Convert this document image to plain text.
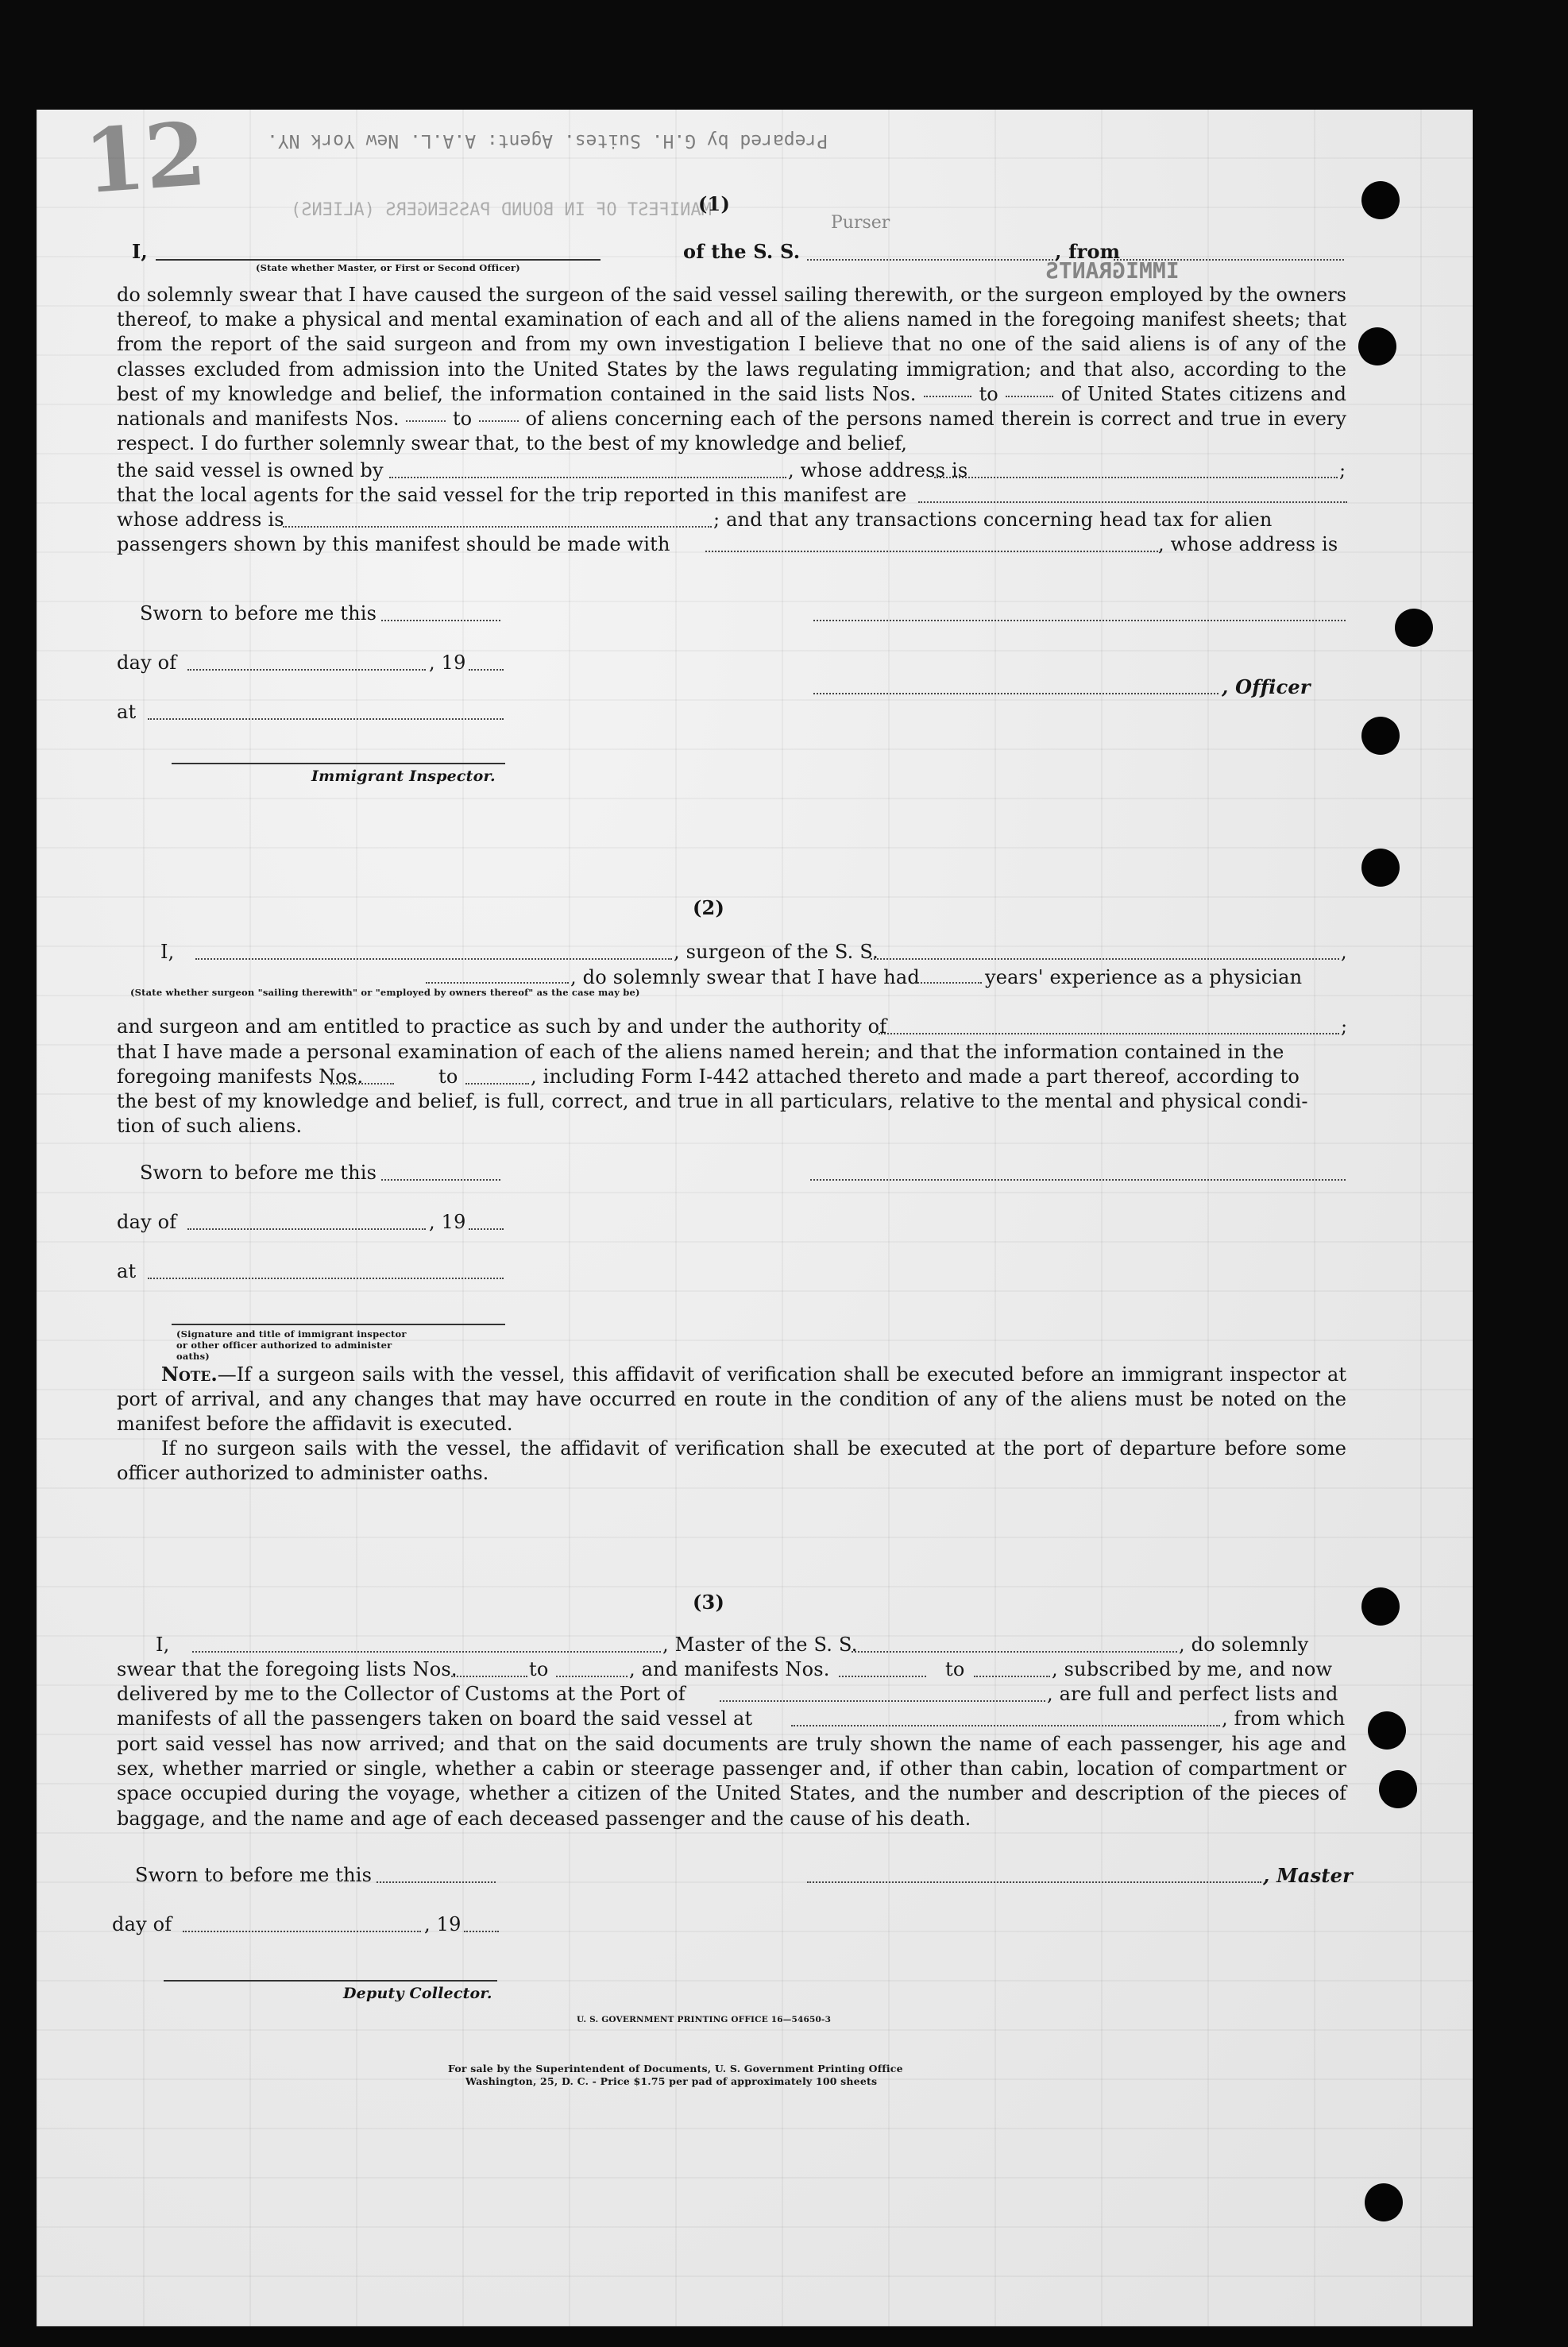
12	Prepared by G.H. Suites. Agent: A.A.L. New York NY.
MANIFEST OF IN BOUND PASSENGERS (ALIENS)
Purser
IMMIGRANTS
(1)
I,	of the S. S.	, from
(State whether Master, or First or Second Officer)
do solemnly swear that I have caused the surgeon of the said vessel sailing therewith, or the surgeon employed by the owners thereof, to make a physical and mental examination of each and all of the aliens named in the foregoing manifest sheets; that from the report of the said surgeon and from my own investigation I believe that no one of the said aliens is of any of the classes excluded from admission into the United States by the laws regulating immigration; and that also, according to the best of my knowledge and belief, the information contained in the said lists Nos.	to	of United States citizens and nationals and manifests Nos.	to	of aliens concerning each of the persons named therein is correct and true in every respect. I do further solemnly swear that, to the best of my knowledge and belief,
the said vessel is owned by	, whose address is	;
that the local agents for the said vessel for the trip reported in this manifest are
whose address is	; and that any transactions concerning head tax for alien
passengers shown by this manifest should be made with	, whose address is
Sworn to before me this
day of	, 19
, Officer
at
Immigrant Inspector.
(2)
I,	, surgeon of the S. S.	,
, do solemnly swear that I have had	years' experience as a physician
(State whether surgeon "sailing therewith" or "employed by owners thereof" as the case may be)
and surgeon and am entitled to practice as such by and under the authority of	;
that I have made a personal examination of each of the aliens named herein; and that the information contained in the
foregoing manifests Nos.	to	, including Form I-442 attached thereto and made a part thereof, according to
the best of my knowledge and belief, is full, correct, and true in all particulars, relative to the mental and physical condi-
tion of such aliens.
Sworn to before me this
day of	, 19
at
(Signature and title of immigrant inspector or other officer authorized to administer oaths)
Note.—If a surgeon sails with the vessel, this affidavit of verification shall be executed before an immigrant inspector at port of arrival, and any changes that may have occurred en route in the condition of any of the aliens must be noted on the manifest before the affidavit is executed.
If no surgeon sails with the vessel, the affidavit of verification shall be executed at the port of departure before some officer authorized to administer oaths.
(3)
I,	, Master of the S. S.	, do solemnly
swear that the foregoing lists Nos.	to	, and manifests Nos.	to	, subscribed by me, and now
delivered by me to the Collector of Customs at the Port of	, are full and perfect lists and
manifests of all the passengers taken on board the said vessel at	, from which
port said vessel has now arrived; and that on the said documents are truly shown the name of each passenger, his age and sex, whether married or single, whether a cabin or steerage passenger and, if other than cabin, location of compartment or space occupied during the voyage, whether a citizen of the United States, and the number and description of the pieces of baggage, and the name and age of each deceased passenger and the cause of his death.
Sworn to before me this	, Master
day of	, 19
Deputy Collector.
U. S. GOVERNMENT PRINTING OFFICE 16—54650-3
For sale by the Superintendent of Documents, U. S. Government Printing Office
Washington, 25, D. C. - Price $1.75 per pad of approximately 100 sheets
